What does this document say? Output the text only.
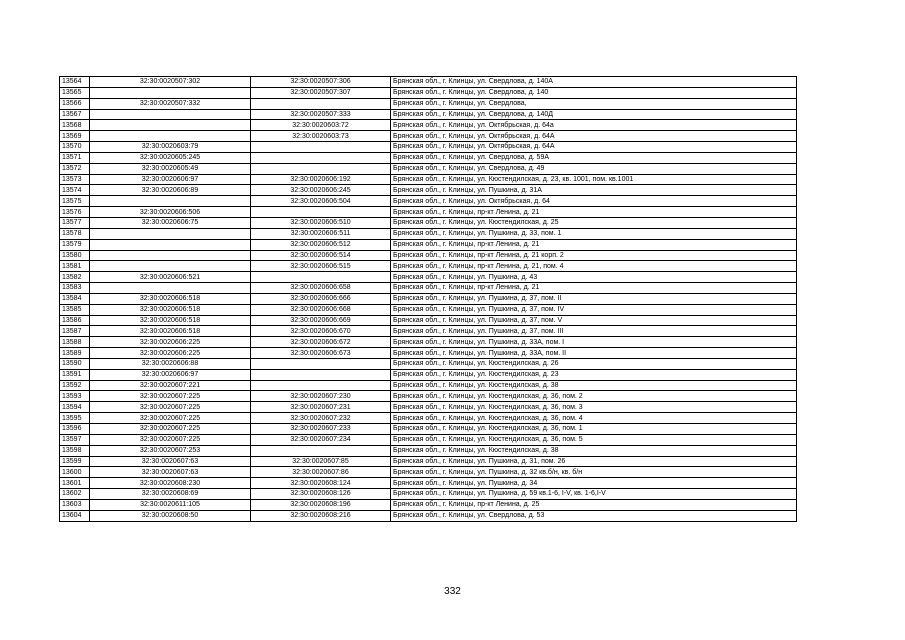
13564	32:30:0020507:302	32:30:0020507:306	Брянская обл., г. Клинцы, ул. Свердлова, д. 140А
13565		32:30:0020507:307	Брянская обл., г. Клинцы, ул. Свердлова, д. 140
13566	32:30:0020507:332		Брянская обл., г. Клинцы, ул. Свердлова,
13567		32:30:0020507:333	Брянская обл., г. Клинцы, ул. Свердлова, д. 140Д
13568		32:30:0020603:72	Брянская обл., г. Клинцы, ул. Октябрьская, д. 64а
13569		32:30:0020603:73	Брянская обл., г. Клинцы, ул. Октябрьская, д. 64А
13570	32:30:0020603:79		Брянская обл., г. Клинцы, ул. Октябрьская, д. 64А
13571	32:30:0020605:245		Брянская обл., г. Клинцы, ул. Свердлова, д. 59А
13572	32:30:0020605:49		Брянская обл., г. Клинцы, ул. Свердлова, д. 49
13573	32:30:0020606:97	32:30:0020606:192	Брянская обл., г. Клинцы, ул. Кюстендилская, д. 23, кв. 1001, пом. кв.1001
13574	32:30:0020606:89	32:30:0020606:245	Брянская обл., г. Клинцы, ул. Пушкина, д. 31А
13575		32:30:0020606:504	Брянская обл., г. Клинцы, ул. Октябрьская, д. 64
13576	32:30:0020606:506		Брянская обл., г. Клинцы, пр-кт Ленина, д. 21
13577	32:30:0020606:75	32:30:0020606:510	Брянская обл., г. Клинцы, ул. Кюстендилская, д. 25
13578		32:30:0020606:511	Брянская обл., г. Клинцы, ул. Пушкина, д. 33, пом. 1
13579		32:30:0020606:512	Брянская обл., г. Клинцы, пр-кт Ленина, д. 21
13580		32:30:0020606:514	Брянская обл., г. Клинцы, пр-кт Ленина, д. 21 корп. 2
13581		32:30:0020606:515	Брянская обл., г. Клинцы, пр-кт Ленина, д. 21, пом. 4
13582	32:30:0020606:521		Брянская обл., г. Клинцы, ул. Пушкина, д. 43
13583		32:30:0020606:658	Брянская обл., г. Клинцы, пр-кт Ленина, д. 21
13584	32:30:0020606:518	32:30:0020606:666	Брянская обл., г. Клинцы, ул. Пушкина, д. 37, пом. II
13585	32:30:0020606:518	32:30:0020606:668	Брянская обл., г. Клинцы, ул. Пушкина, д. 37, пом. IV
13586	32:30:0020606:518	32:30:0020606:669	Брянская обл., г. Клинцы, ул. Пушкина, д. 37, пом. V
13587	32:30:0020606:518	32:30:0020606:670	Брянская обл., г. Клинцы, ул. Пушкина, д. 37, пом. III
13588	32:30:0020606:225	32:30:0020606:672	Брянская обл., г. Клинцы, ул. Пушкина, д. 33А, пом. I
13589	32:30:0020606:225	32:30:0020606:673	Брянская обл., г. Клинцы, ул. Пушкина, д. 33А, пом. II
13590	32:30:0020606:88		Брянская обл., г. Клинцы, ул. Кюстендилская, д. 26
13591	32:30:0020606:97		Брянская обл., г. Клинцы, ул. Кюстендилская, д. 23
13592	32:30:0020607:221		Брянская обл., г. Клинцы, ул. Кюстендилская, д. 38
13593	32:30:0020607:225	32:30:0020607:230	Брянская обл., г. Клинцы, ул. Кюстендилская, д. 36, пом. 2
13594	32:30:0020607:225	32:30:0020607:231	Брянская обл., г. Клинцы, ул. Кюстендилская, д. 36, пом. 3
13595	32:30:0020607:225	32:30:0020607:232	Брянская обл., г. Клинцы, ул. Кюстендилская, д. 36, пом. 4
13596	32:30:0020607:225	32:30:0020607:233	Брянская обл., г. Клинцы, ул. Кюстендилская, д. 36, пом. 1
13597	32:30:0020607:225	32:30:0020607:234	Брянская обл., г. Клинцы, ул. Кюстендилская, д. 36, пом. 5
13598	32:30:0020607:253		Брянская обл., г. Клинцы, ул. Кюстендилская, д. 38
13599	32:30:0020607:63	32:30:0020607:85	Брянская обл., г. Клинцы, ул. Пушкина, д. 31, пом. 26
13600	32:30:0020607:63	32:30:0020607:86	Брянская обл., г. Клинцы, ул. Пушкина, д. 32 кв.б/н, кв. б/н
13601	32:30:0020608:230	32:30:0020608:124	Брянская обл., г. Клинцы, ул. Пушкина, д. 34
13602	32:30:0020608:69	32:30:0020608:126	Брянская обл., г. Клинцы, ул. Пушкина, д. 59 кв.1-6, I-V, кв. 1-6,I-V
13603	32:30:0020611:105	32:30:0020608:196	Брянская обл., г. Клинцы, пр-кт Ленина, д. 25
13604	32:30:0020608:50	32:30:0020608:216	Брянская обл., г. Клинцы, ул. Свердлова, д. 53
332
